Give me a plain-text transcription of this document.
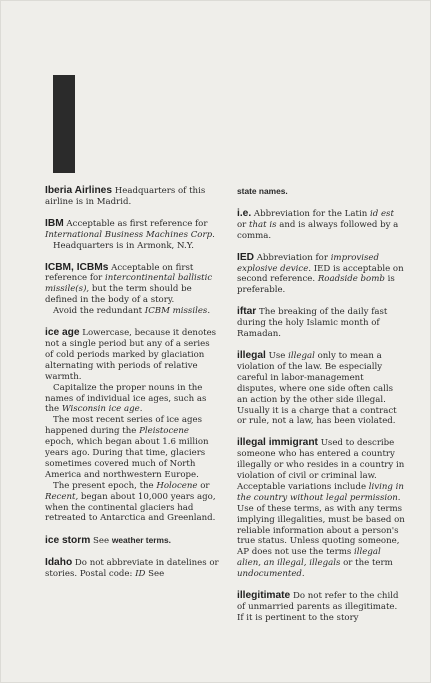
Iberia Airlines Headquarters of this airline is in Madrid.

IBM Acceptable as first reference for International Business Machines Corp.

Headquarters is in Armonk, N.Y.

ICBM, ICBMs Acceptable on first reference for intercontinental ballistic missile(s), but the term should be defined in the body of a story.

Avoid the redundant ICBM missiles.

ice age Lowercase, because it denotes not a single period but any of a series of cold periods marked by glaciation alternating with periods of relative warmth.

Capitalize the proper nouns in the names of individual ice ages, such as the Wisconsin ice age.

The most recent series of ice ages happened during the Pleistocene epoch, which began about 1.6 million years ago. During that time, glaciers sometimes covered much of North America and northwestern Europe.

The present epoch, the Holocene or Recent, began about 10,000 years ago, when the continental glaciers had retreated to Antarctica and Greenland.

ice storm See weather terms.

Idaho Do not abbreviate in datelines or stories. Postal code: ID See

state names.

i.e. Abbreviation for the Latin id est or that is and is always followed by a comma.

IED Abbreviation for improvised explosive device. IED is acceptable on second reference. Roadside bomb is preferable.

iftar The breaking of the daily fast during the holy Islamic month of Ramadan.

illegal Use illegal only to mean a violation of the law. Be especially careful in labor-management disputes, where one side often calls an action by the other side illegal. Usually it is a charge that a contract or rule, not a law, has been violated.

illegal immigrant Used to describe someone who has entered a country illegally or who resides in a country in violation of civil or criminal law. Acceptable variations include living in the country without legal permission. Use of these terms, as with any terms implying illegalities, must be based on reliable information about a person's true status. Unless quoting someone, AP does not use the terms illegal alien, an illegal, illegals or the term undocumented.

illegitimate Do not refer to the child of unmarried parents as illegitimate. If it is pertinent to the story
